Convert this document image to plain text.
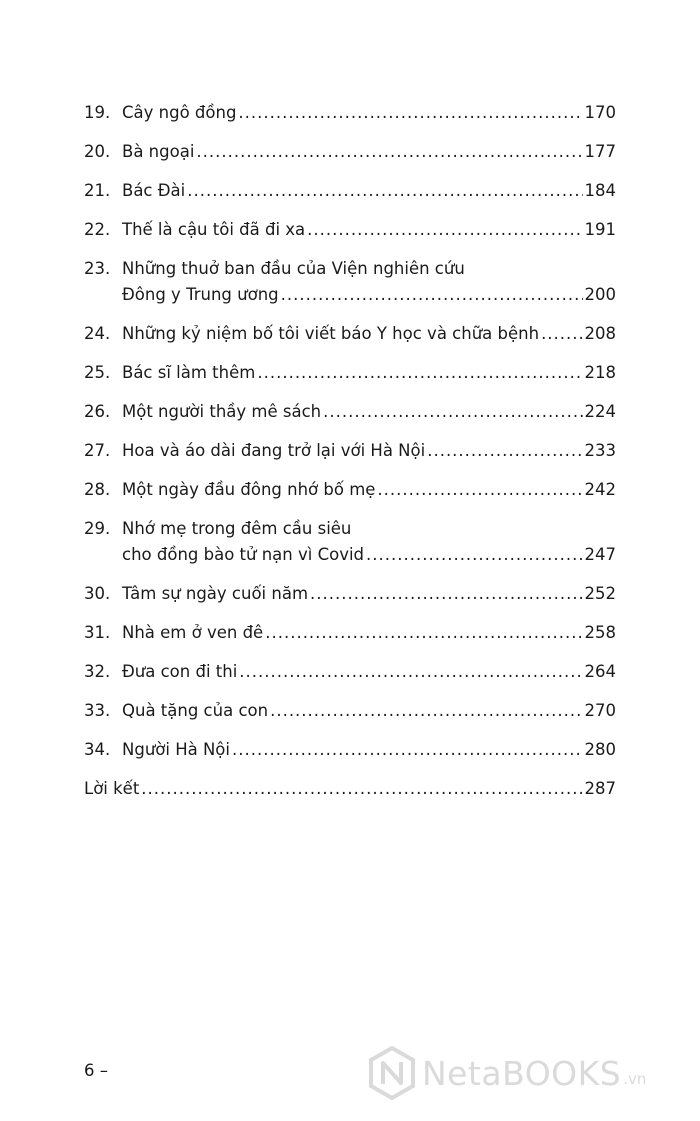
19. Cây ngô đồng .....	170
20. Bà ngoại .....	177
21. Bác Đài .....	184
22. Thế là cậu tôi đã đi xa .....	191
23. Những thuở ban đầu của Viện nghiên cứu
Đông y Trung ương .....	200
24. Những kỷ niệm bố tôi viết báo Y học và chữa bệnh .....	208
25. Bác sĩ làm thêm .....	218
26. Một người thầy mê sách .....	224
27. Hoa và áo dài đang trở lại với Hà Nội .....	233
28. Một ngày đầu đông nhớ bố mẹ .....	242
29. Nhớ mẹ trong đêm cầu siêu
cho đồng bào tử nạn vì Covid .....	247
30. Tâm sự ngày cuối năm .....	252
31. Nhà em ở ven đê .....	258
32. Đưa con đi thi .....	264
33. Quà tặng của con .....	270
34. Người Hà Nội .....	280
Lời kết .....	287
6 –	NetaBOOKS .vn
